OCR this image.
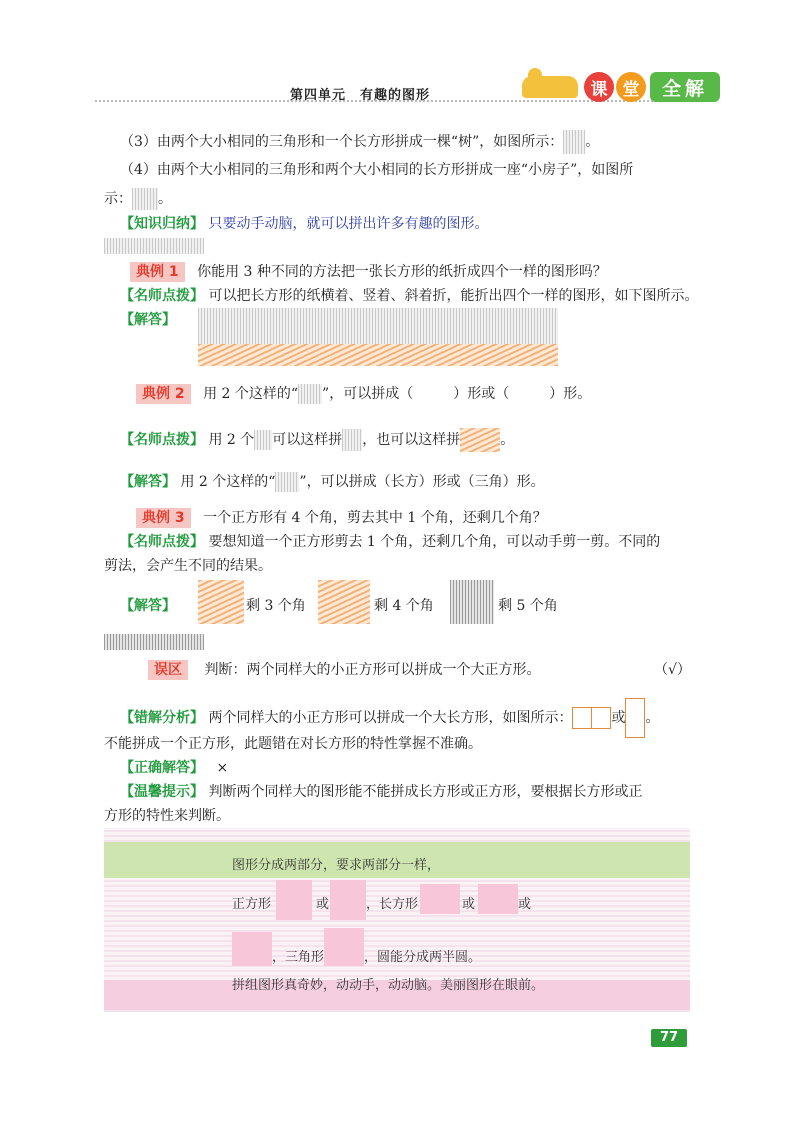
第四单元　有趣的图形	课 堂	全解
（3）由两个大小相同的三角形和一个长方形拼成一棵“树”，如图所示： 。
（4）由两个大小相同的三角形和两个大小相同的长方形拼成一座“小房子”，如图所
示： 。
【知识归纳】 只要动手动脑，就可以拼出许多有趣的图形。
典例 1 你能用 3 种不同的方法把一张长方形的纸折成四个一样的图形吗？
【名师点拨】 可以把长方形的纸横着、竖着、斜着折，能折出四个一样的图形，如下图所示。
【解答】
典例 2 用 2 个这样的“ ”，可以拼成（	）形或（	）形。
【名师点拨】 用 2 个 可以这样拼 ，也可以这样拼	。
【解答】 用 2 个这样的“ ”，可以拼成（长方）形或（三角）形。
典例 3 一个正方形有 4 个角，剪去其中 1 个角，还剩几个角？
【名师点拨】 要想知道一个正方形剪去 1 个角，还剩几个角，可以动手剪一剪。不同的
剪法，会产生不同的结果。
【解答】	剩 3 个角	剩 4 个角	剩 5 个角
误区 判断：两个同样大的小正方形可以拼成一个大正方形。	（√）
【错解分析】 两个同样大的小正方形可以拼成一个大长方形，如图所示：	或 。
不能拼成一个正方形，此题错在对长方形的特性掌握不准确。
【正确解答】 ×
【温馨提示】 判断两个同样大的图形能不能拼成长方形或正方形，要根据长方形或正
方形的特性来判断。
图形分成两部分，要求两部分一样，
正方形	或	，长方形	或	或
，三角形	，圆能分成两半圆。
拼组图形真奇妙，动动手，动动脑。美丽图形在眼前。
77
